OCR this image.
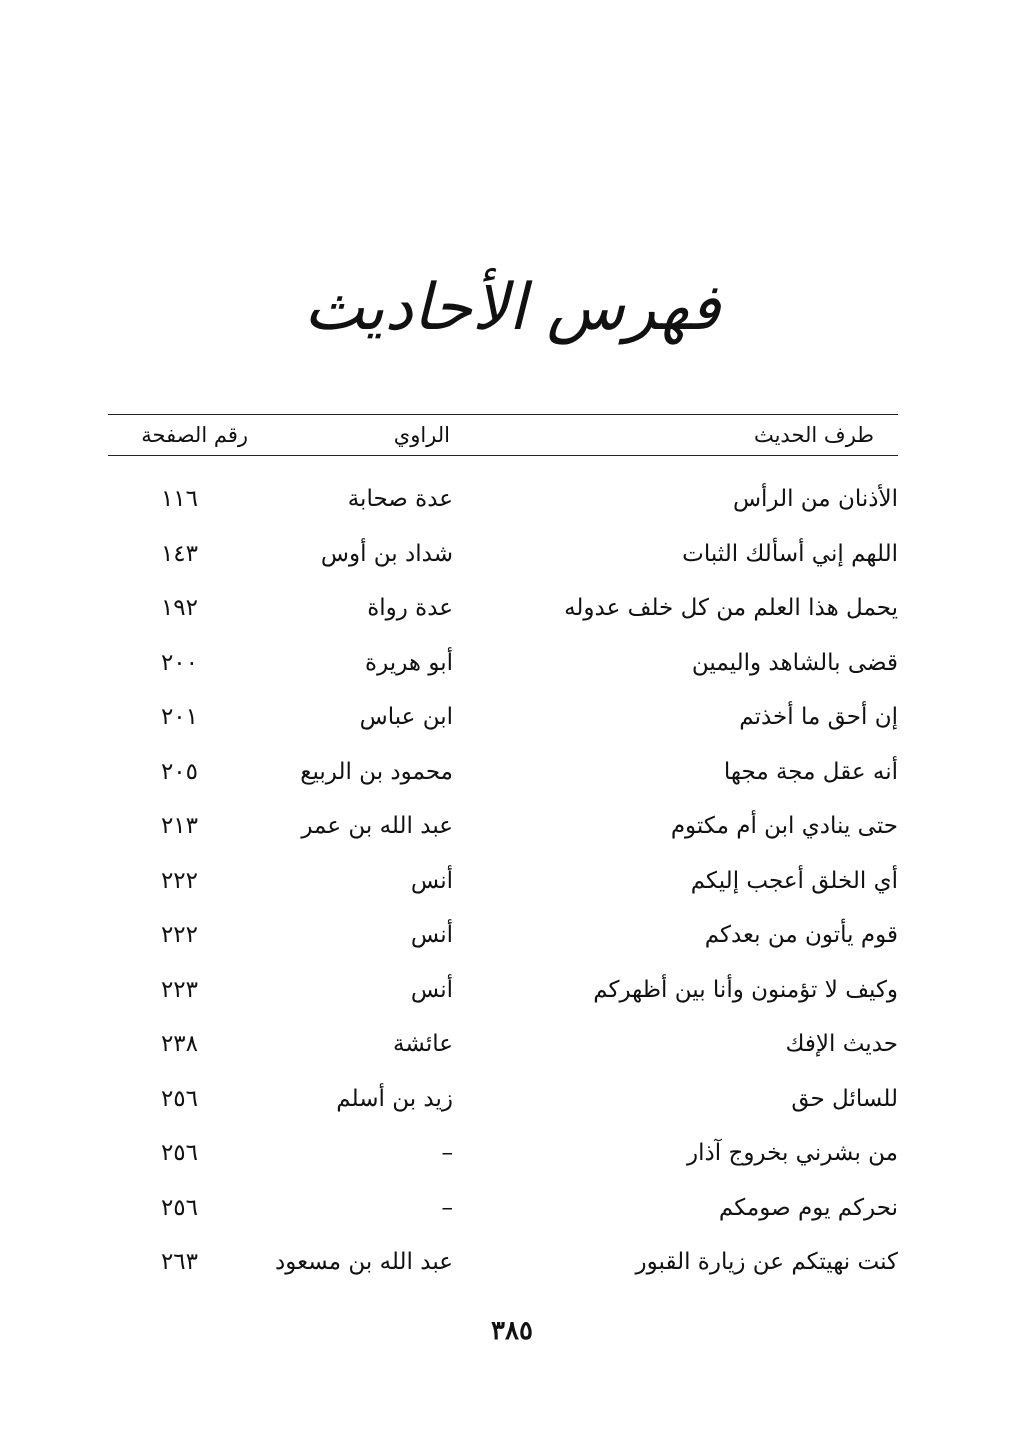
فهرس الأحاديث
طرف الحديث
الراوي
رقم الصفحة
الأذنان من الرأس
عدة صحابة
١١٦
اللهم إني أسألك الثبات
شداد بن أوس
١٤٣
يحمل هذا العلم من كل خلف عدوله
عدة رواة
١٩٢
قضى بالشاهد واليمين
أبو هريرة
٢٠٠
إن أحق ما أخذتم
ابن عباس
٢٠١
أنه عقل مجة مجها
محمود بن الربيع
٢٠٥
حتى ينادي ابن أم مكتوم
عبد الله بن عمر
٢١٣
أي الخلق أعجب إليكم
أنس
٢٢٢
قوم يأتون من بعدكم
أنس
٢٢٢
وكيف لا تؤمنون وأنا بين أظهركم
أنس
٢٢٣
حديث الإفك
عائشة
٢٣٨
للسائل حق
زيد بن أسلم
٢٥٦
من بشرني بخروج آذار
–
٢٥٦
نحركم يوم صومكم
–
٢٥٦
كنت نهيتكم عن زيارة القبور
عبد الله بن مسعود
٢٦٣
٣٨٥
